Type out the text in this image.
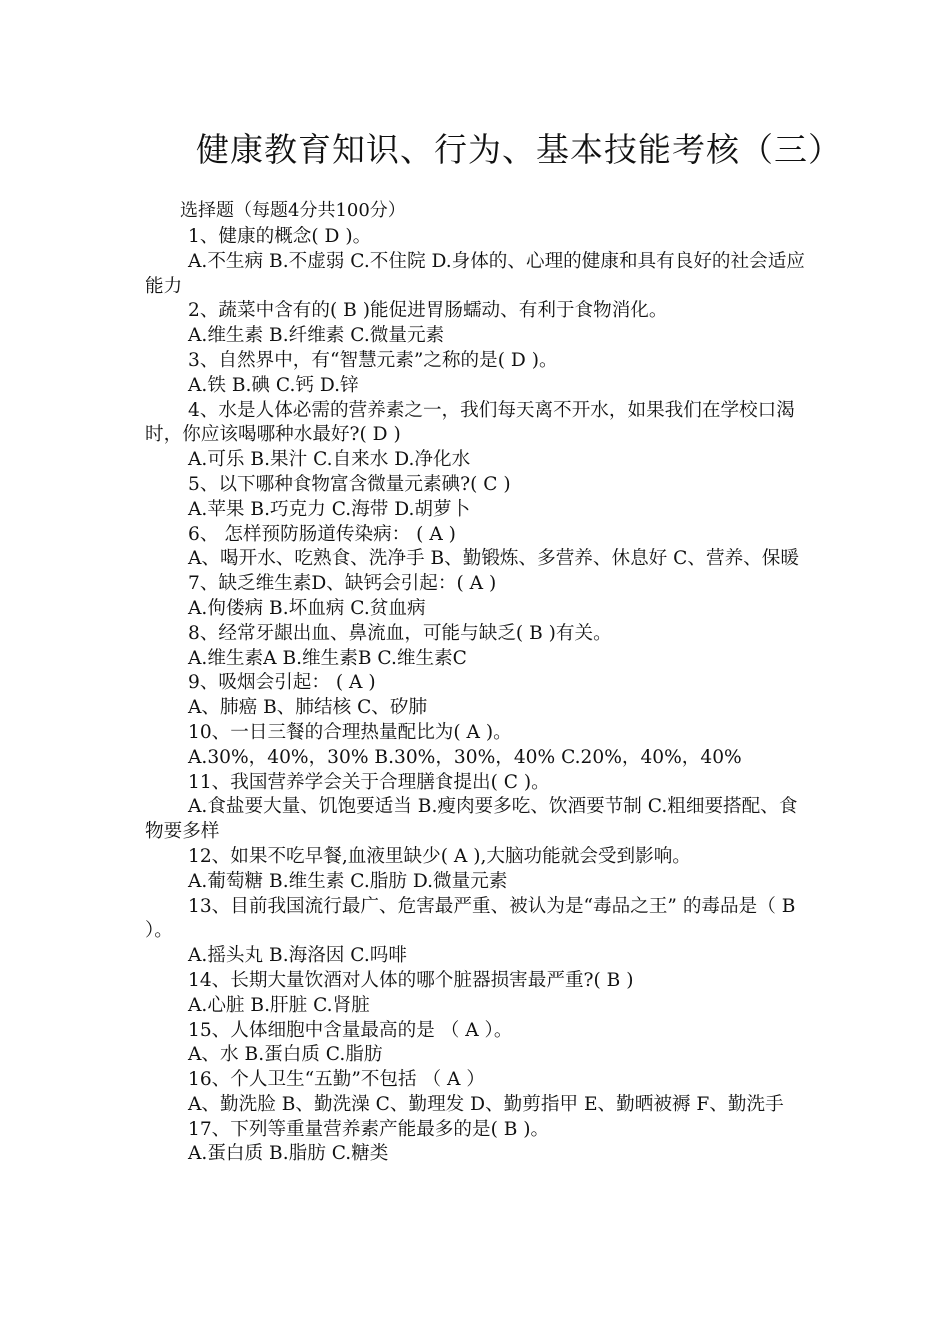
健康教育知识、行为、基本技能考核（三）
选择题（每题4分共100分）

1、健康的概念( D )。

A.不生病 B.不虚弱 C.不住院 D.身体的、心理的健康和具有良好的社会适应能力

2、蔬菜中含有的( B )能促进胃肠蠕动、有利于食物消化。

A.维生素 B.纤维素 C.微量元素

3、自然界中，有“智慧元素”之称的是( D )。

A.铁 B.碘 C.钙 D.锌

4、水是人体必需的营养素之一，我们每天离不开水，如果我们在学校口渴时，你应该喝哪种水最好?( D )

A.可乐 B.果汁 C.自来水 D.净化水

5、以下哪种食物富含微量元素碘?( C )

A.苹果 B.巧克力 C.海带 D.胡萝卜

6、 怎样预防肠道传染病： ( A )

A、喝开水、吃熟食、洗净手 B、勤锻炼、多营养、休息好 C、营养、保暖

7、缺乏维生素D、缺钙会引起：( A )

A.佝偻病 B.坏血病 C.贫血病

8、经常牙龈出血、鼻流血，可能与缺乏( B )有关。

A.维生素A B.维生素B C.维生素C

9、吸烟会引起： ( A )

A、肺癌 B、肺结核 C、矽肺

10、一日三餐的合理热量配比为( A )。

A.30%，40%，30% B.30%，30%，40% C.20%，40%，40%

11、我国营养学会关于合理膳食提出( C )。

A.食盐要大量、饥饱要适当 B.瘦肉要多吃、饮酒要节制 C.粗细要搭配、食物要多样

12、如果不吃早餐,血液里缺少( A ),大脑功能就会受到影响。

A.葡萄糖 B.维生素 C.脂肪 D.微量元素

13、目前我国流行最广、危害最严重、被认为是“毒品之王” 的毒品是（ B ）。

A.摇头丸 B.海洛因 C.吗啡

14、长期大量饮酒对人体的哪个脏器损害最严重?( B )

A.心脏 B.肝脏 C.肾脏

15、人体细胞中含量最高的是 （ A ）。

A、水 B.蛋白质 C.脂肪

16、个人卫生“五勤”不包括 （ A ）

A、勤洗脸 B、勤洗澡 C、勤理发 D、勤剪指甲 E、勤晒被褥 F、勤洗手

17、下列等重量营养素产能最多的是( B )。

A.蛋白质 B.脂肪 C.糖类
